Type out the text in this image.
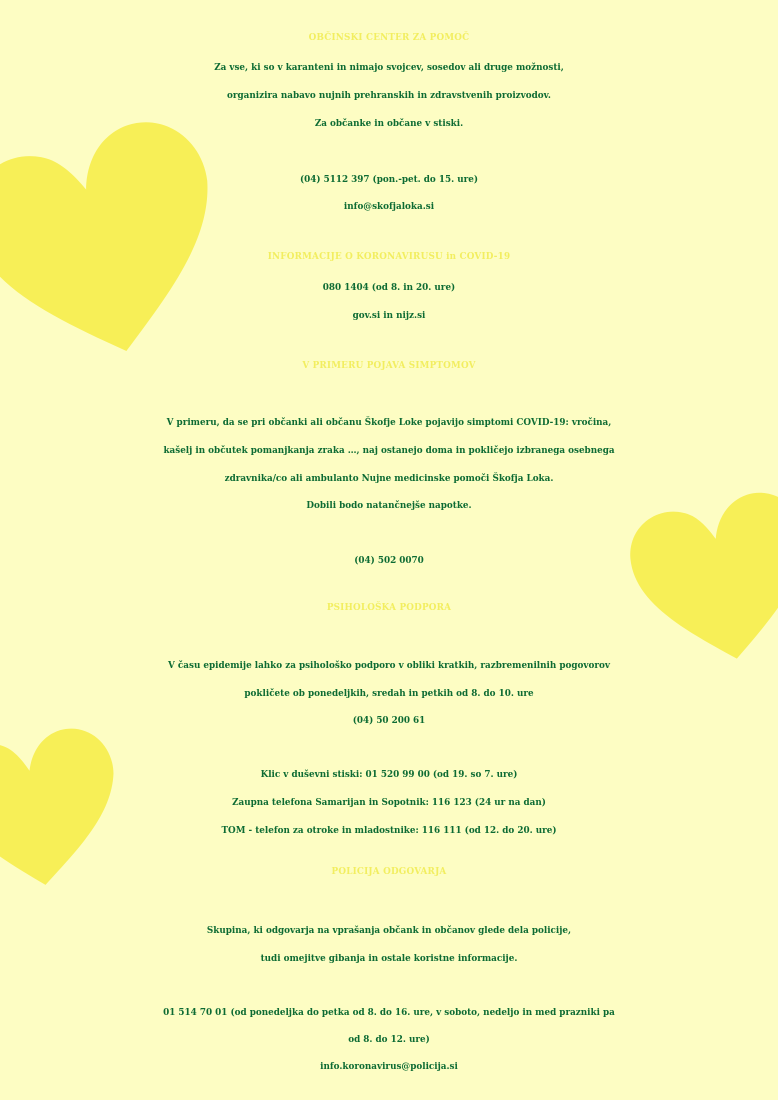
OBČINSKI CENTER ZA POMOČ
Za vse, ki so v karanteni in nimajo svojcev, sosedov ali druge možnosti,
organizira nabavo nujnih prehranskih in zdravstvenih proizvodov.
Za občanke in občane v stiski.
(04) 5112 397 (pon.-pet. do 15. ure)
info@skofjaloka.si
INFORMACIJE O KORONAVIRUSU in COVID-19
080 1404 (od 8. in 20. ure)
gov.si in nijz.si
V PRIMERU POJAVA SIMPTOMOV
V primeru, da se pri občanki ali občanu Škofje Loke pojavijo simptomi COVID-19: vročina,
kašelj in občutek pomanjkanja zraka …, naj ostanejo doma in pokličejo izbranega osebnega
zdravnika/co ali ambulanto Nujne medicinske pomoči Škofja Loka.
Dobili bodo natančnejše napotke.
(04) 502 0070
PSIHOLOŠKA PODPORA
V času epidemije lahko za psihološko podporo v obliki kratkih, razbremenilnih pogovorov
pokličete ob ponedeljkih, sredah in petkih od 8. do 10. ure
(04) 50 200 61
Klic v duševni stiski: 01 520 99 00 (od 19. so 7. ure)
Zaupna telefona Samarijan in Sopotnik: 116 123 (24 ur na dan)
TOM - telefon za otroke in mladostnike: 116 111 (od 12. do 20. ure)
POLICIJA ODGOVARJA
Skupina, ki odgovarja na vprašanja občank in občanov glede dela policije,
tudi omejitve gibanja in ostale koristne informacije.
01 514 70 01 (od ponedeljka do petka od 8. do 16. ure, v soboto, nedeljo in med prazniki pa
od 8. do 12. ure)
info.koronavirus@policija.si
